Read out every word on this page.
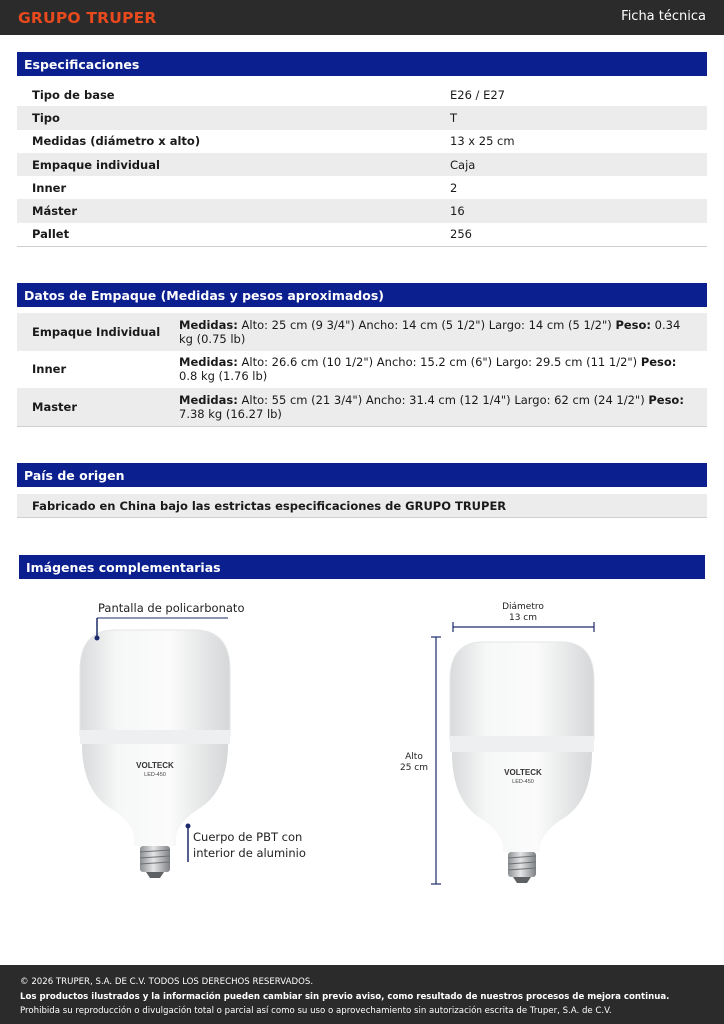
GRUPO TRUPER	Ficha técnica
Especificaciones
Tipo de base	E26 / E27
Tipo	T
Medidas (diámetro x alto)	13 x 25 cm
Empaque individual	Caja
Inner	2
Máster	16
Pallet	256
Datos de Empaque (Medidas y pesos aproximados)
Empaque Individual	Medidas: Alto: 25 cm (9 3/4") Ancho: 14 cm (5 1/2") Largo: 14 cm (5 1/2") Peso: 0.34 kg (0.75 lb)
Inner	Medidas: Alto: 26.6 cm (10 1/2") Ancho: 15.2 cm (6") Largo: 29.5 cm (11 1/2") Peso: 0.8 kg (1.76 lb)
Master	Medidas: Alto: 55 cm (21 3/4") Ancho: 31.4 cm (12 1/4") Largo: 62 cm (24 1/2") Peso: 7.38 kg (16.27 lb)
País de origen
Fabricado en China bajo las estrictas especificaciones de GRUPO TRUPER
Imágenes complementarias
VOLTECK
LED-450
Pantalla de policarbonato
Cuerpo de PBT con
interior de aluminio
VOLTECK
LED-450
Diámetro
13 cm
Alto
25 cm
© 2026 TRUPER, S.A. DE C.V. TODOS LOS DERECHOS RESERVADOS.
Los productos ilustrados y la información pueden cambiar sin previo aviso, como resultado de nuestros procesos de mejora continua.
Prohibida su reproducción o divulgación total o parcial así como su uso o aprovechamiento sin autorización escrita de Truper, S.A. de C.V.
